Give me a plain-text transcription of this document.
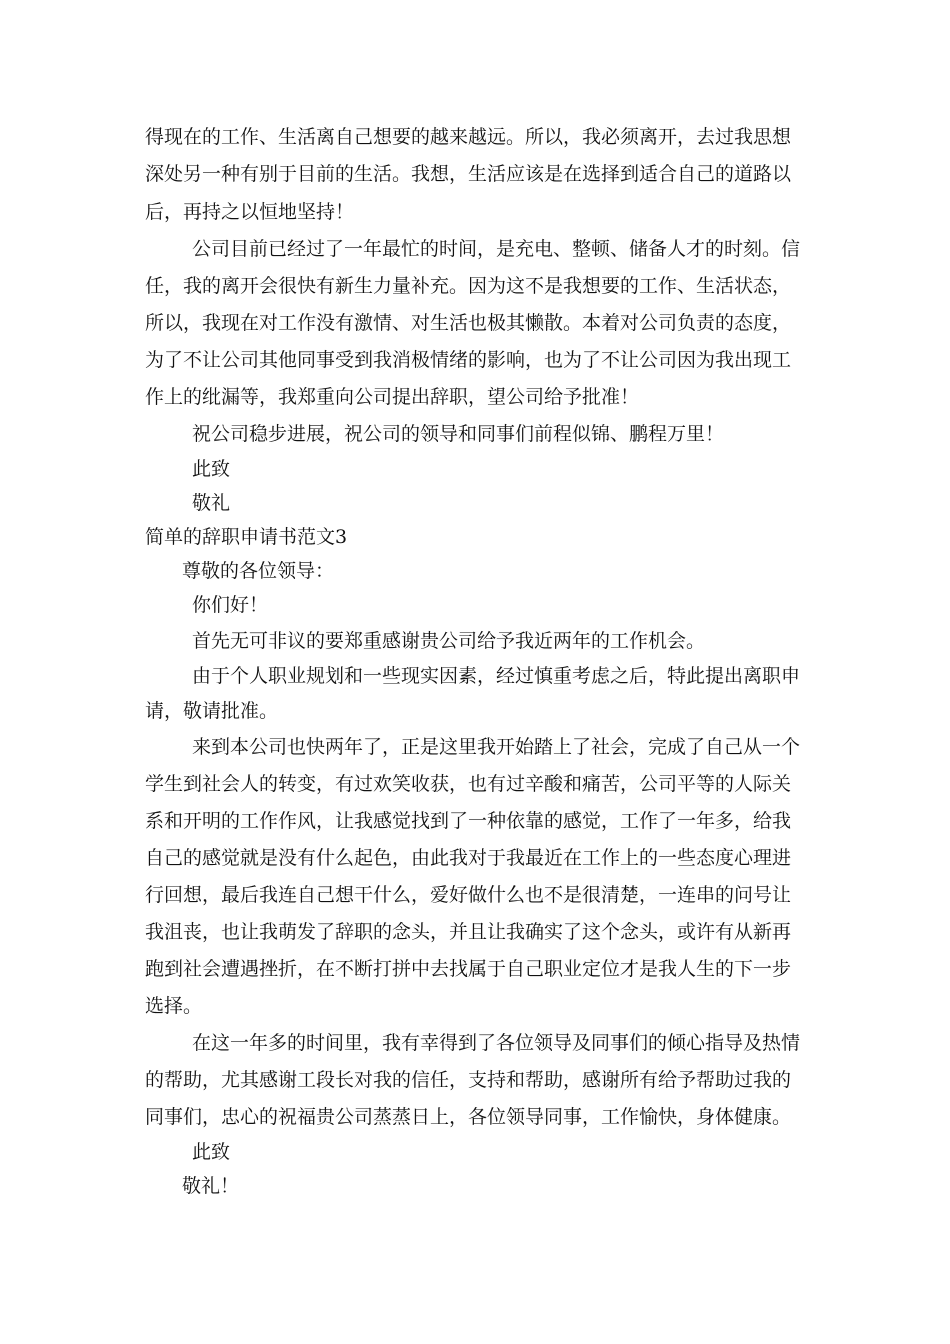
得现在的工作、生活离自己想要的越来越远。所以，我必须离开，去过我思想
深处另一种有别于目前的生活。我想，生活应该是在选择到适合自己的道路以
后，再持之以恒地坚持！
公司目前已经过了一年最忙的时间，是充电、整顿、储备人才的时刻。信
任，我的离开会很快有新生力量补充。因为这不是我想要的工作、生活状态，
所以，我现在对工作没有激情、对生活也极其懒散。本着对公司负责的态度，
为了不让公司其他同事受到我消极情绪的影响，也为了不让公司因为我出现工
作上的纰漏等，我郑重向公司提出辞职，望公司给予批准！
祝公司稳步进展，祝公司的领导和同事们前程似锦、鹏程万里！
此致
敬礼
简单的辞职申请书范文3
尊敬的各位领导：
你们好！
首先无可非议的要郑重感谢贵公司给予我近两年的工作机会。
由于个人职业规划和一些现实因素，经过慎重考虑之后，特此提出离职申
请，敬请批准。
来到本公司也快两年了，正是这里我开始踏上了社会，完成了自己从一个
学生到社会人的转变，有过欢笑收获，也有过辛酸和痛苦，公司平等的人际关
系和开明的工作作风，让我感觉找到了一种依靠的感觉，工作了一年多，给我
自己的感觉就是没有什么起色，由此我对于我最近在工作上的一些态度心理进
行回想，最后我连自己想干什么，爱好做什么也不是很清楚，一连串的问号让
我沮丧，也让我萌发了辞职的念头，并且让我确实了这个念头，或许有从新再
跑到社会遭遇挫折，在不断打拼中去找属于自己职业定位才是我人生的下一步
选择。
在这一年多的时间里，我有幸得到了各位领导及同事们的倾心指导及热情
的帮助，尤其感谢工段长对我的信任，支持和帮助，感谢所有给予帮助过我的
同事们，忠心的祝福贵公司蒸蒸日上，各位领导同事，工作愉快，身体健康。
此致
敬礼！
